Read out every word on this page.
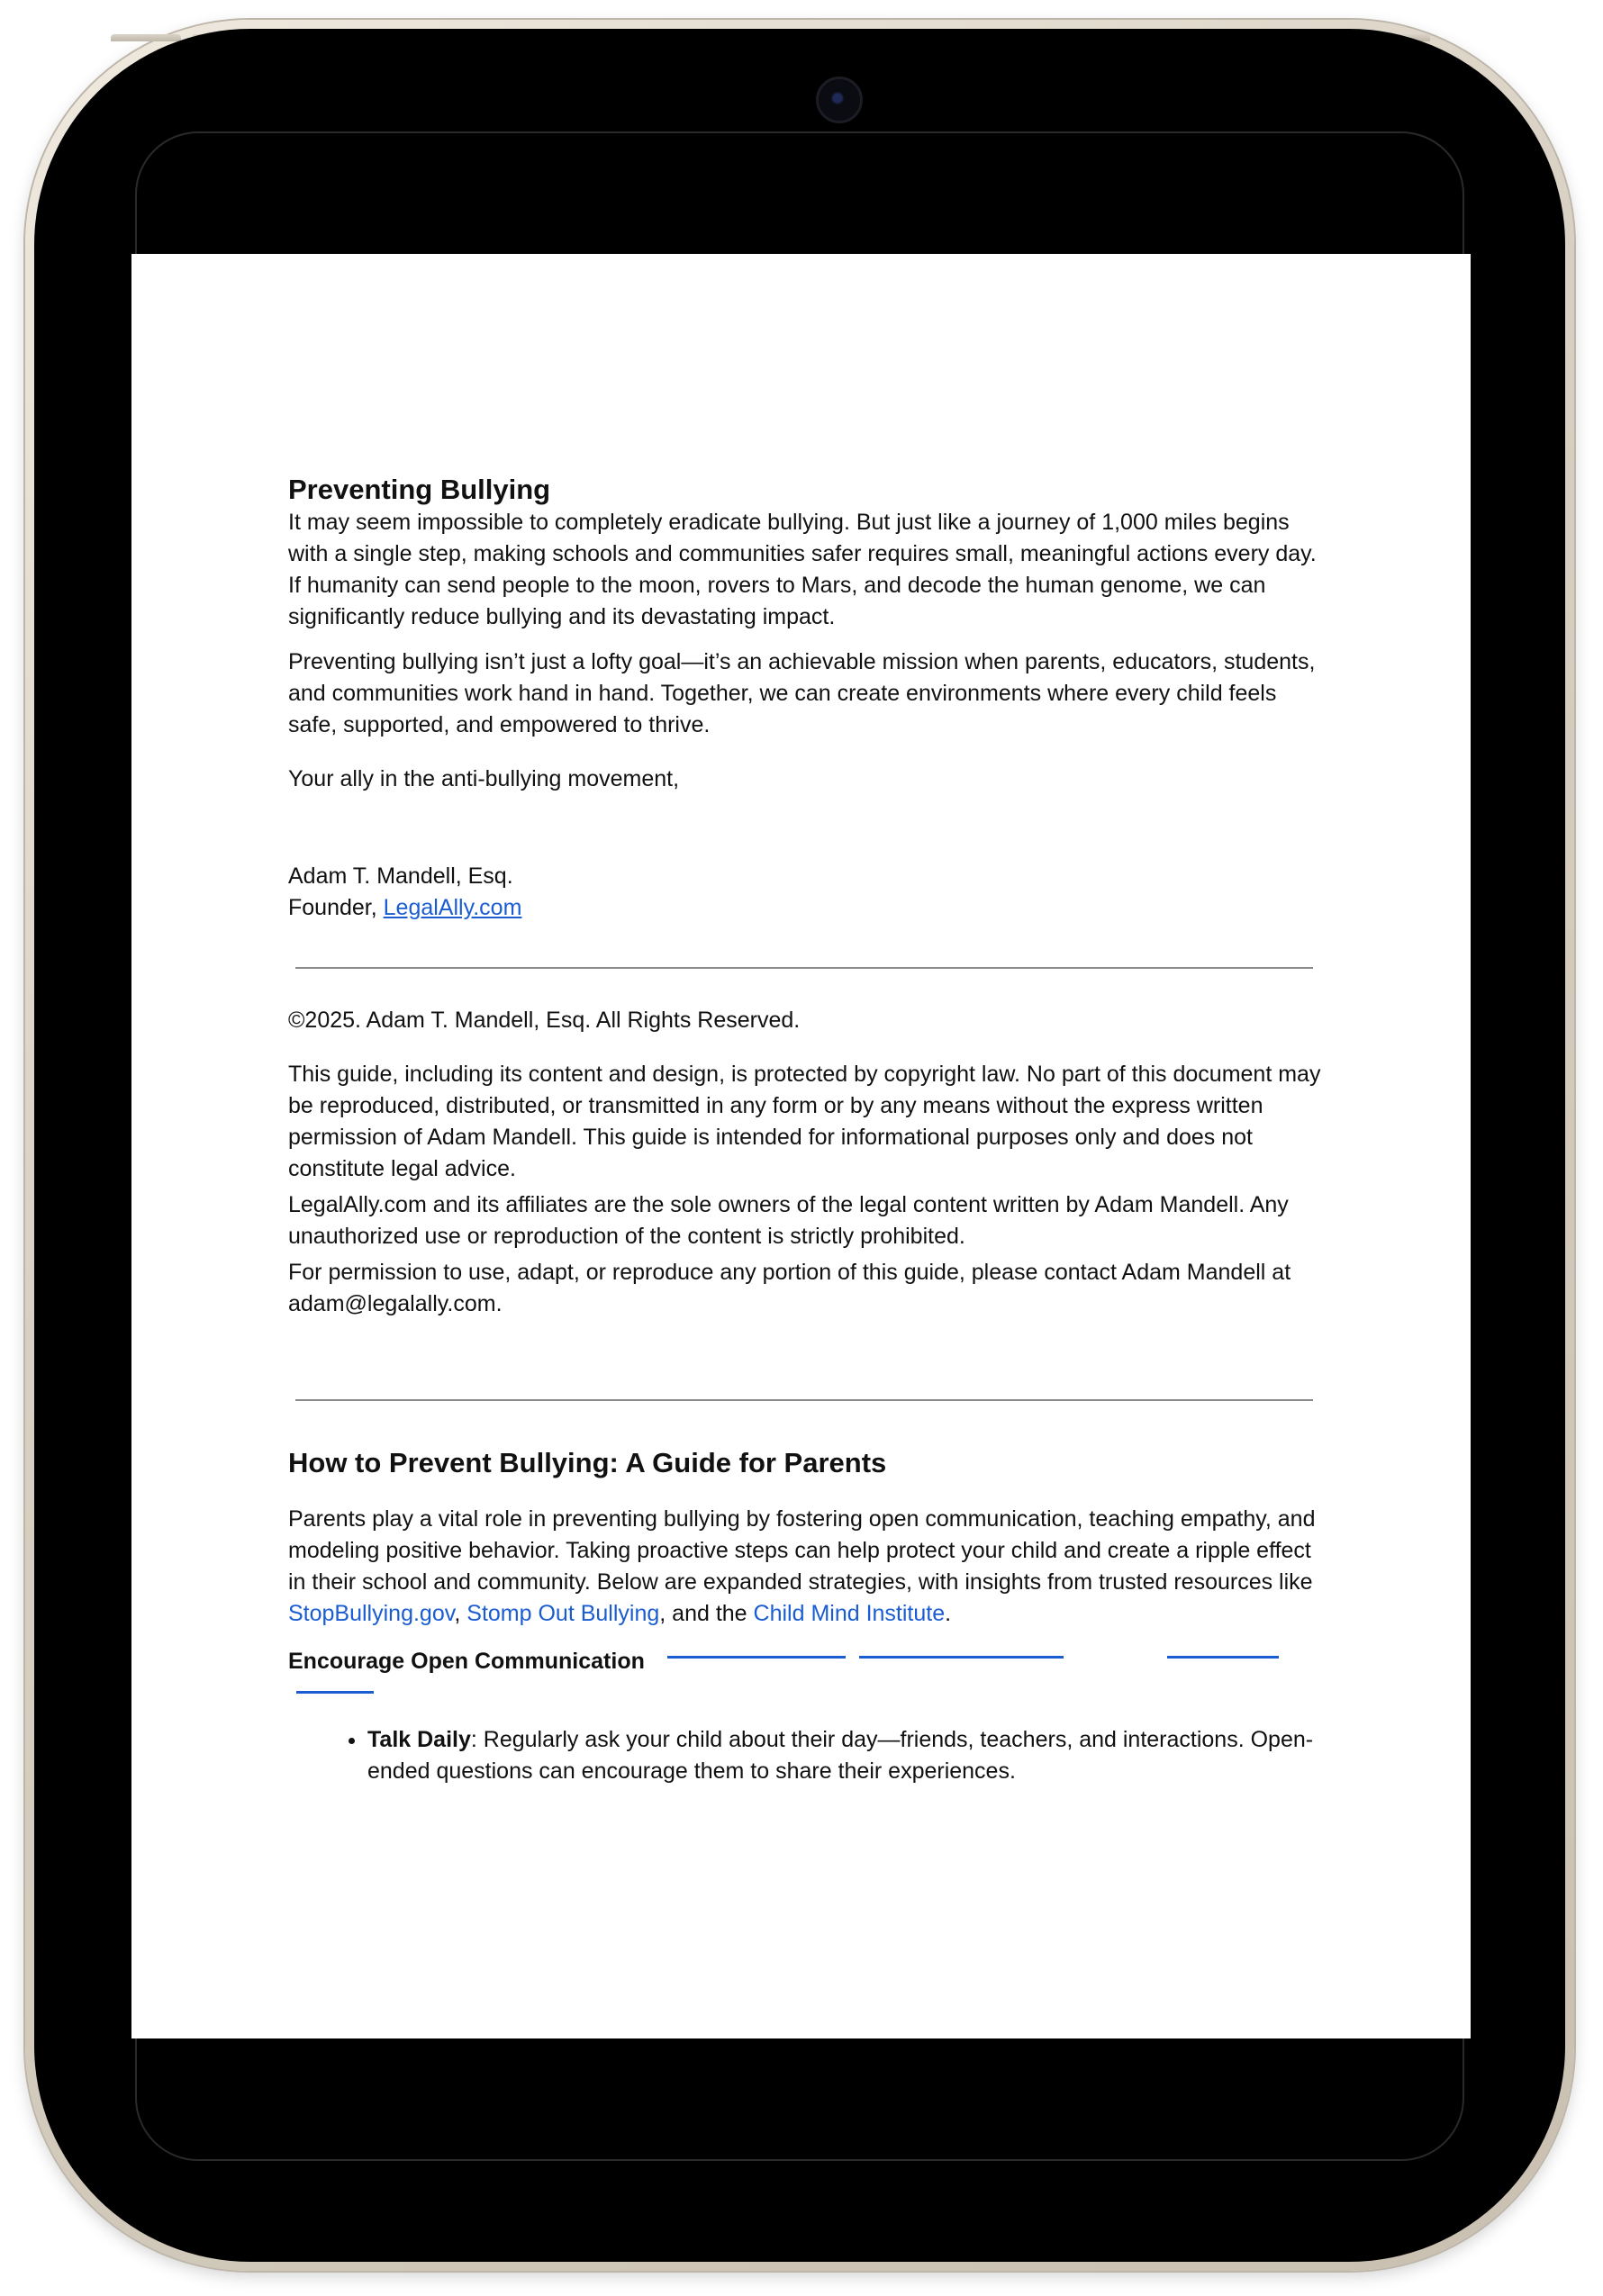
Preventing Bullying

It may seem impossible to completely eradicate bullying. But just like a journey of 1,000 miles begins with a single step, making schools and communities safer requires small, meaningful actions every day. If humanity can send people to the moon, rovers to Mars, and decode the human genome, we can significantly reduce bullying and its devastating impact.

Preventing bullying isn’t just a lofty goal—it’s an achievable mission when parents, educators, students, and communities work hand in hand. Together, we can create environments where every child feels safe, supported, and empowered to thrive.

Your ally in the anti-bullying movement,

Adam T. Mandell, Esq.

Founder, LegalAlly.com

©2025. Adam T. Mandell, Esq. All Rights Reserved.

This guide, including its content and design, is protected by copyright law. No part of this document may be reproduced, distributed, or transmitted in any form or by any means without the express written permission of Adam Mandell. This guide is intended for informational purposes only and does not constitute legal advice.

LegalAlly.com and its affiliates are the sole owners of the legal content written by Adam Mandell. Any unauthorized use or reproduction of the content is strictly prohibited.

For permission to use, adapt, or reproduce any portion of this guide, please contact Adam Mandell at adam@legalally.com.

How to Prevent Bullying: A Guide for Parents

Parents play a vital role in preventing bullying by fostering open communication, teaching empathy, and modeling positive behavior. Taking proactive steps can help protect your child and create a ripple effect in their school and community. Below are expanded strategies, with insights from trusted resources like StopBullying.gov, Stomp Out Bullying, and the Child Mind Institute.

Encourage Open Communication

• Talk Daily: Regularly ask your child about their day—friends, teachers, and interactions. Open-ended questions can encourage them to share their experiences.
